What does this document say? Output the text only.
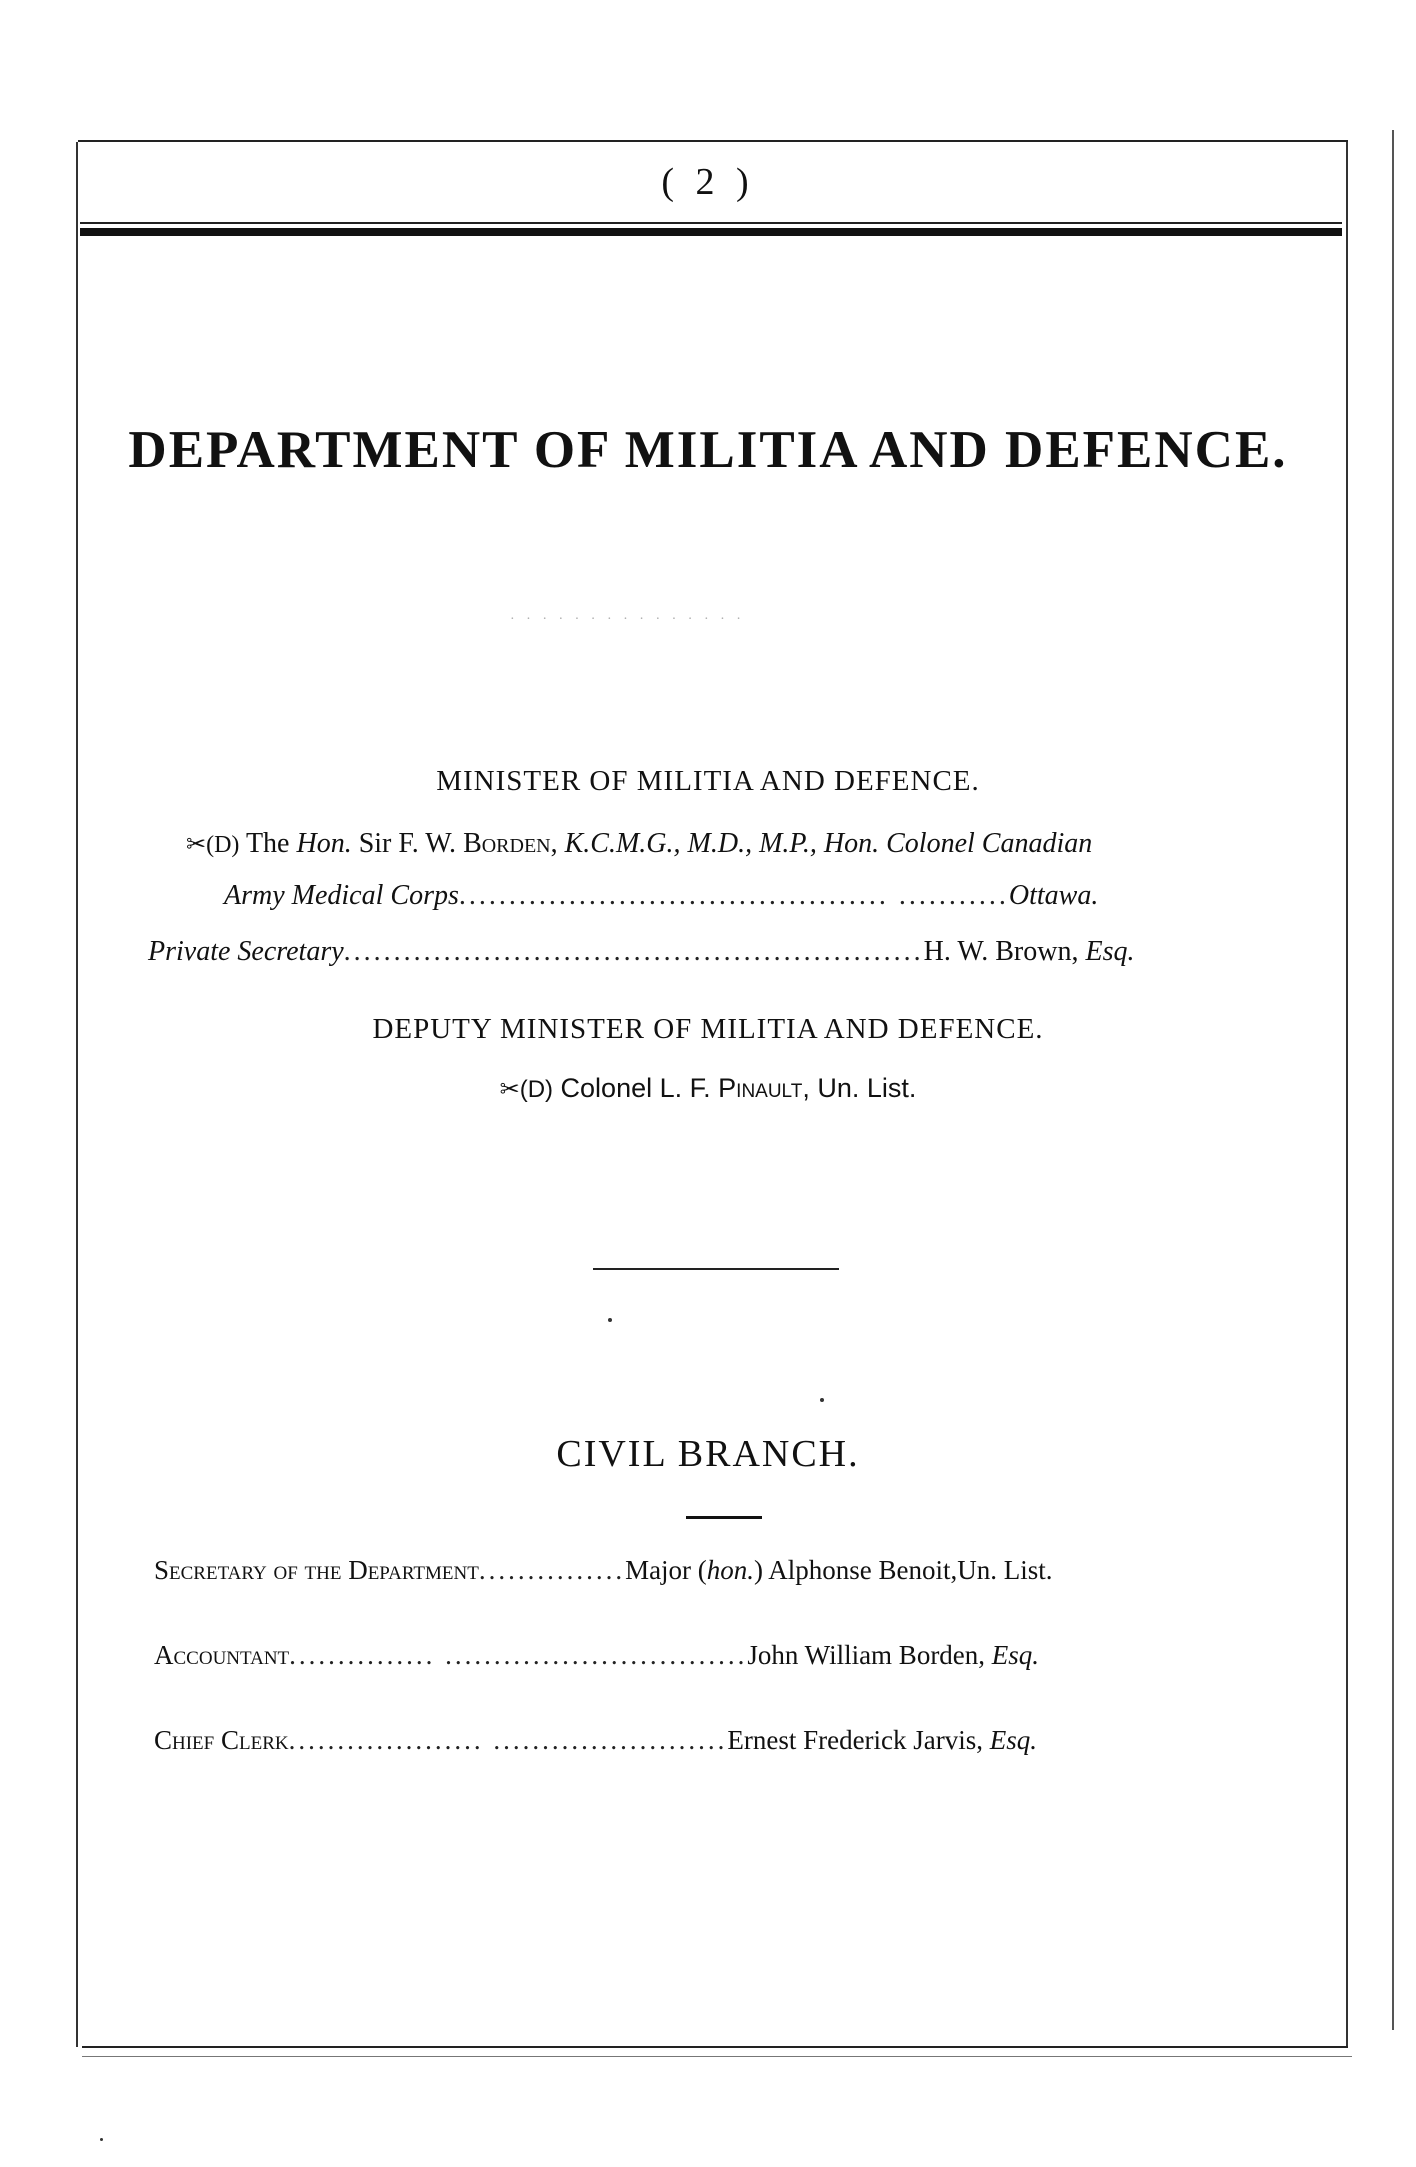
( 2 )
DEPARTMENT OF MILITIA AND DEFENCE.
· · · · · · · · · · · · · · ·
MINISTER OF MILITIA AND DEFENCE.
✂(D) The Hon. Sir F. W. Borden, K.C.M.G., M.D., M.P., Hon. Colonel Canadian
Army Medical Corps........................................... ...........Ottawa.
Private Secretary..........................................................H. W. Brown, Esq.
DEPUTY MINISTER OF MILITIA AND DEFENCE.
✂(D) Colonel L. F. Pinault, Un. List.
CIVIL BRANCH.
Secretary of the Department...............Major (hon.) Alphonse Benoit,Un. List.
Accountant............... ...............................John William Borden, Esq.
Chief Clerk.................... ........................Ernest Frederick Jarvis, Esq.
